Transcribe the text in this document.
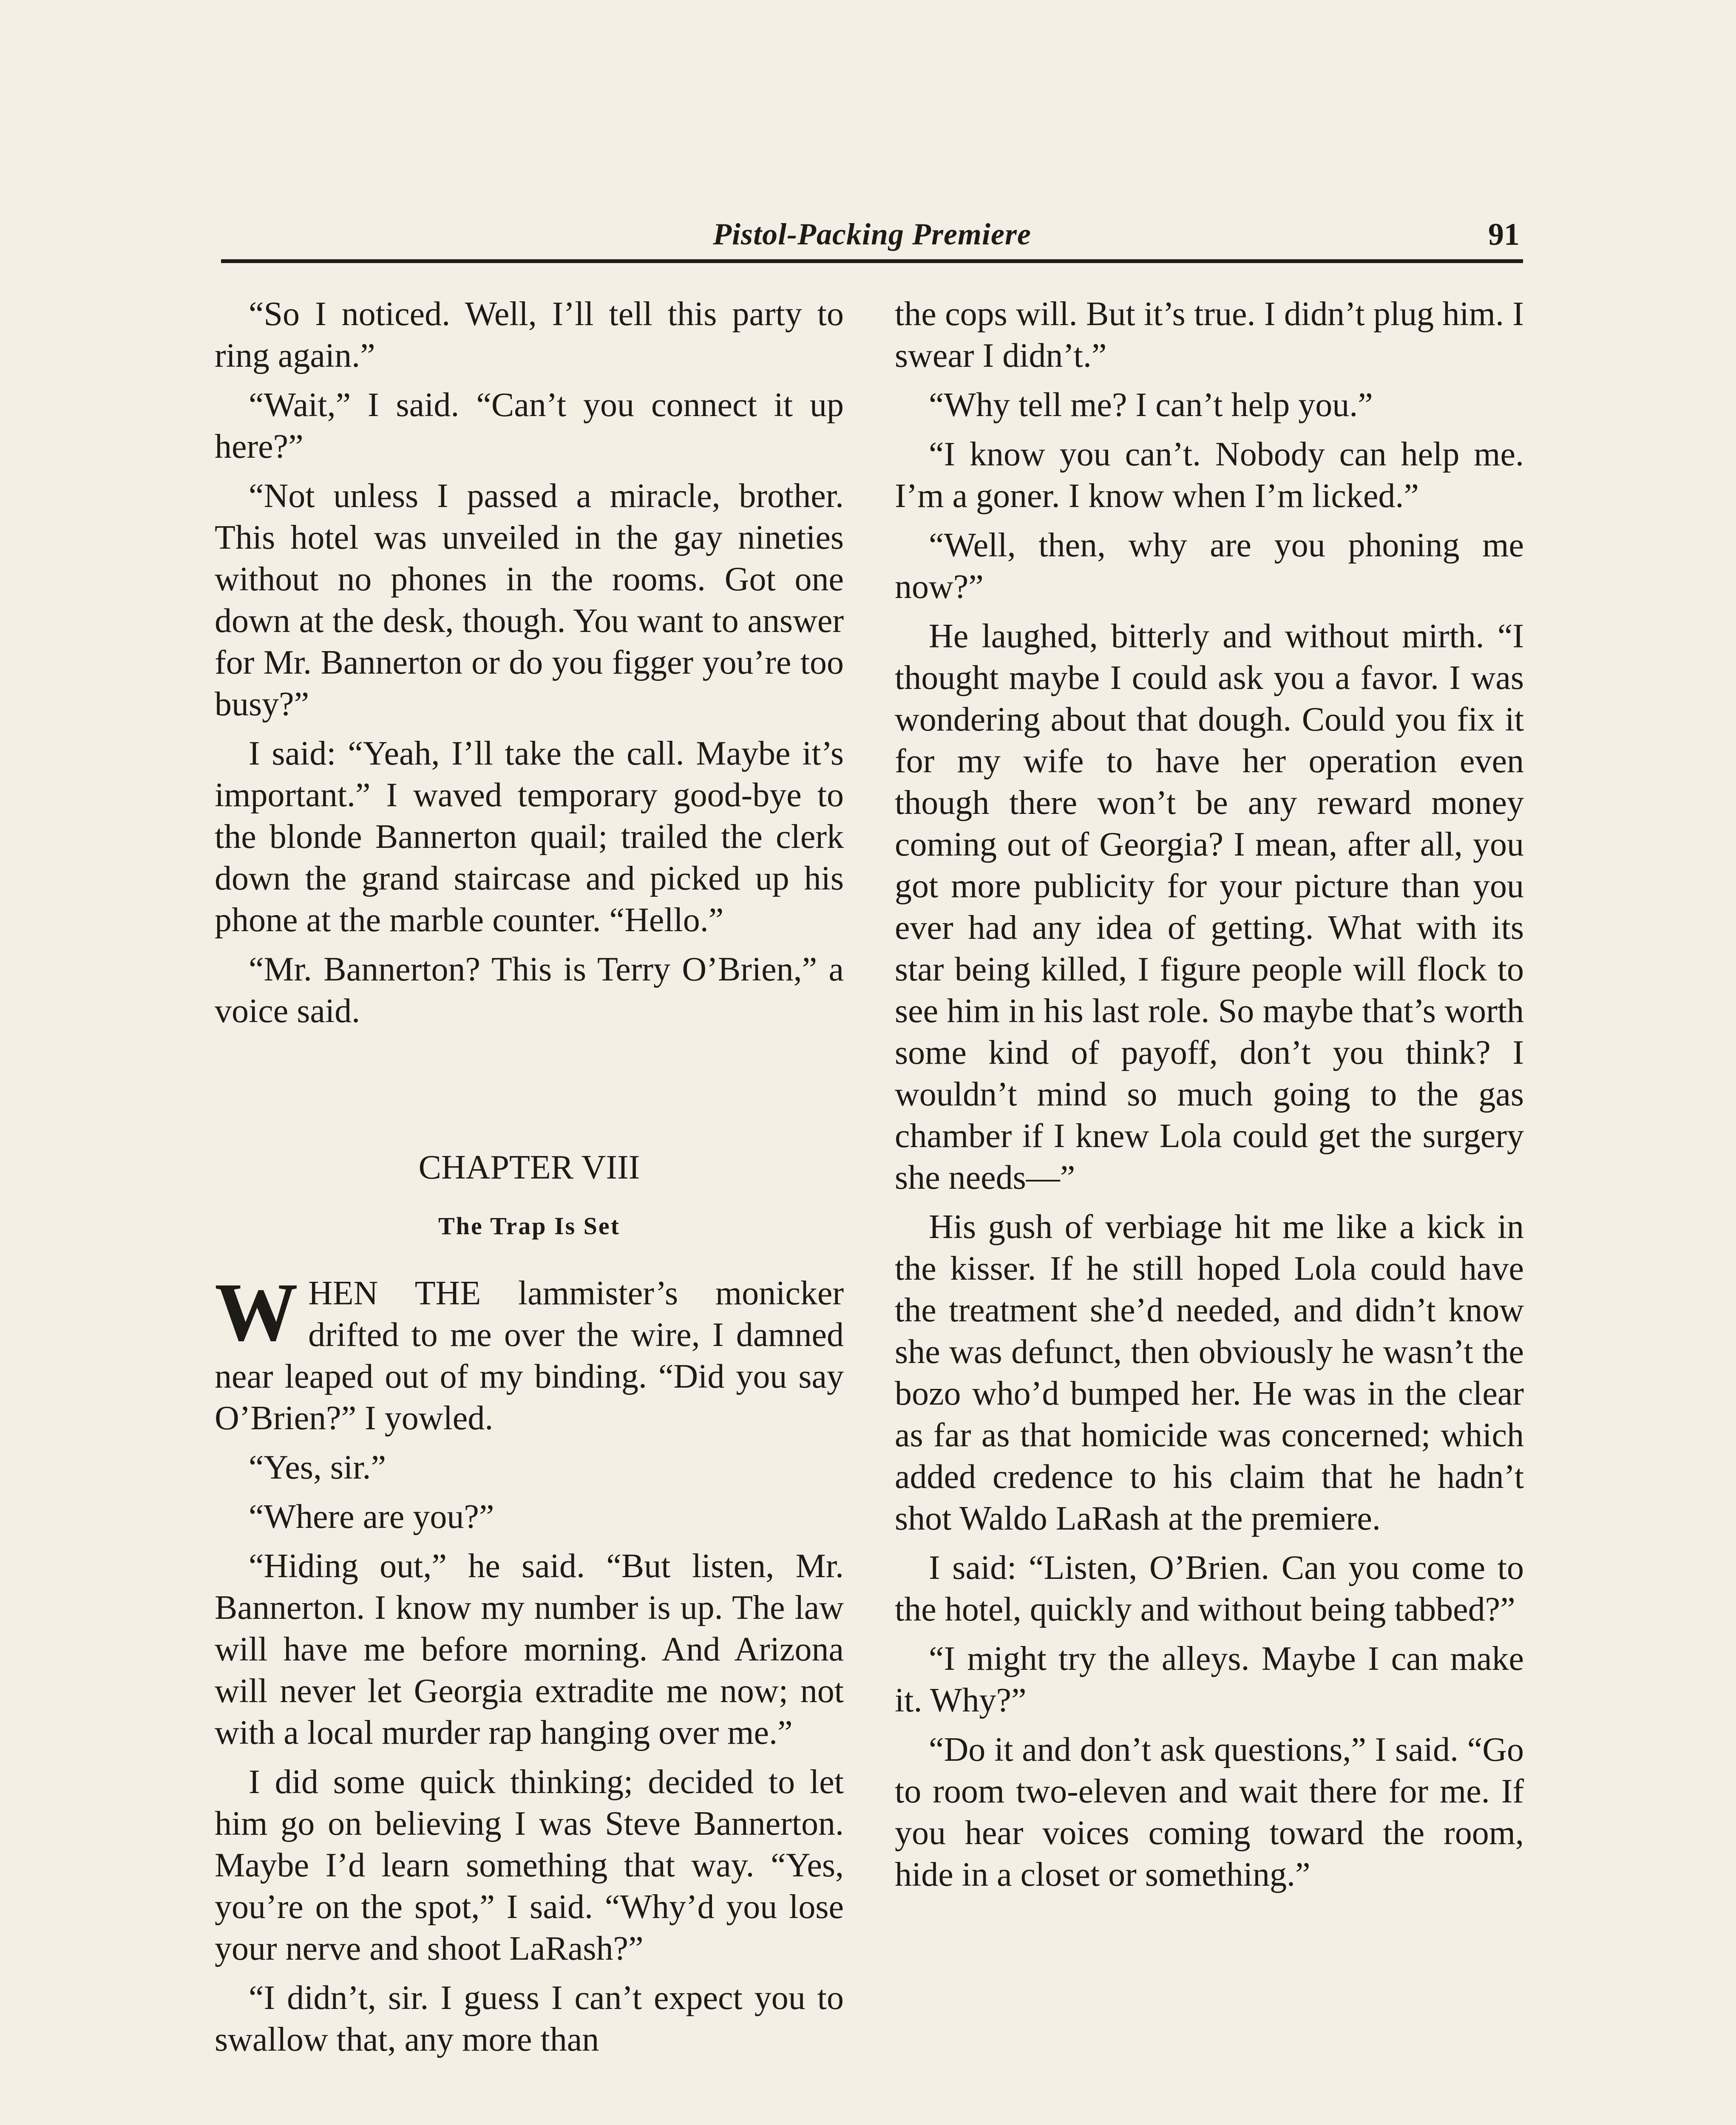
Pistol-Packing Premiere	91

“So I noticed. Well, I’ll tell this party to ring again.”

“Wait,” I said. “Can’t you connect it up here?”

“Not unless I passed a miracle, brother. This hotel was unveiled in the gay nineties without no phones in the rooms. Got one down at the desk, though. You want to answer for Mr. Bannerton or do you figger you’re too busy?”

I said: “Yeah, I’ll take the call. Maybe it’s important.” I waved temporary good-bye to the blonde Bannerton quail; trailed the clerk down the grand staircase and picked up his phone at the marble counter. “Hello.”

“Mr. Bannerton? This is Terry O’Brien,” a voice said.

CHAPTER VIII
The Trap Is Set

WHEN THE lammister’s monicker drifted to me over the wire, I damned near leaped out of my binding. “Did you say O’Brien?” I yowled.

“Yes, sir.”

“Where are you?”

“Hiding out,” he said. “But listen, Mr. Bannerton. I know my number is up. The law will have me before morning. And Arizona will never let Georgia extradite me now; not with a local murder rap hanging over me.”

I did some quick thinking; decided to let him go on believing I was Steve Bannerton. Maybe I’d learn something that way. “Yes, you’re on the spot,” I said. “Why’d you lose your nerve and shoot LaRash?”

“I didn’t, sir. I guess I can’t expect you to swallow that, any more than

the cops will. But it’s true. I didn’t plug him. I swear I didn’t.”

“Why tell me? I can’t help you.”

“I know you can’t. Nobody can help me. I’m a goner. I know when I’m licked.”

“Well, then, why are you phoning me now?”

He laughed, bitterly and without mirth. “I thought maybe I could ask you a favor. I was wondering about that dough. Could you fix it for my wife to have her operation even though there won’t be any reward money coming out of Georgia? I mean, after all, you got more publicity for your picture than you ever had any idea of getting. What with its star being killed, I figure people will flock to see him in his last role. So maybe that’s worth some kind of payoff, don’t you think? I wouldn’t mind so much going to the gas chamber if I knew Lola could get the surgery she needs—”

His gush of verbiage hit me like a kick in the kisser. If he still hoped Lola could have the treatment she’d needed, and didn’t know she was defunct, then obviously he wasn’t the bozo who’d bumped her. He was in the clear as far as that homicide was concerned; which added credence to his claim that he hadn’t shot Waldo LaRash at the premiere.

I said: “Listen, O’Brien. Can you come to the hotel, quickly and without being tabbed?”

“I might try the alleys. Maybe I can make it. Why?”

“Do it and don’t ask questions,” I said. “Go to room two-eleven and wait there for me. If you hear voices coming toward the room, hide in a closet or something.”
